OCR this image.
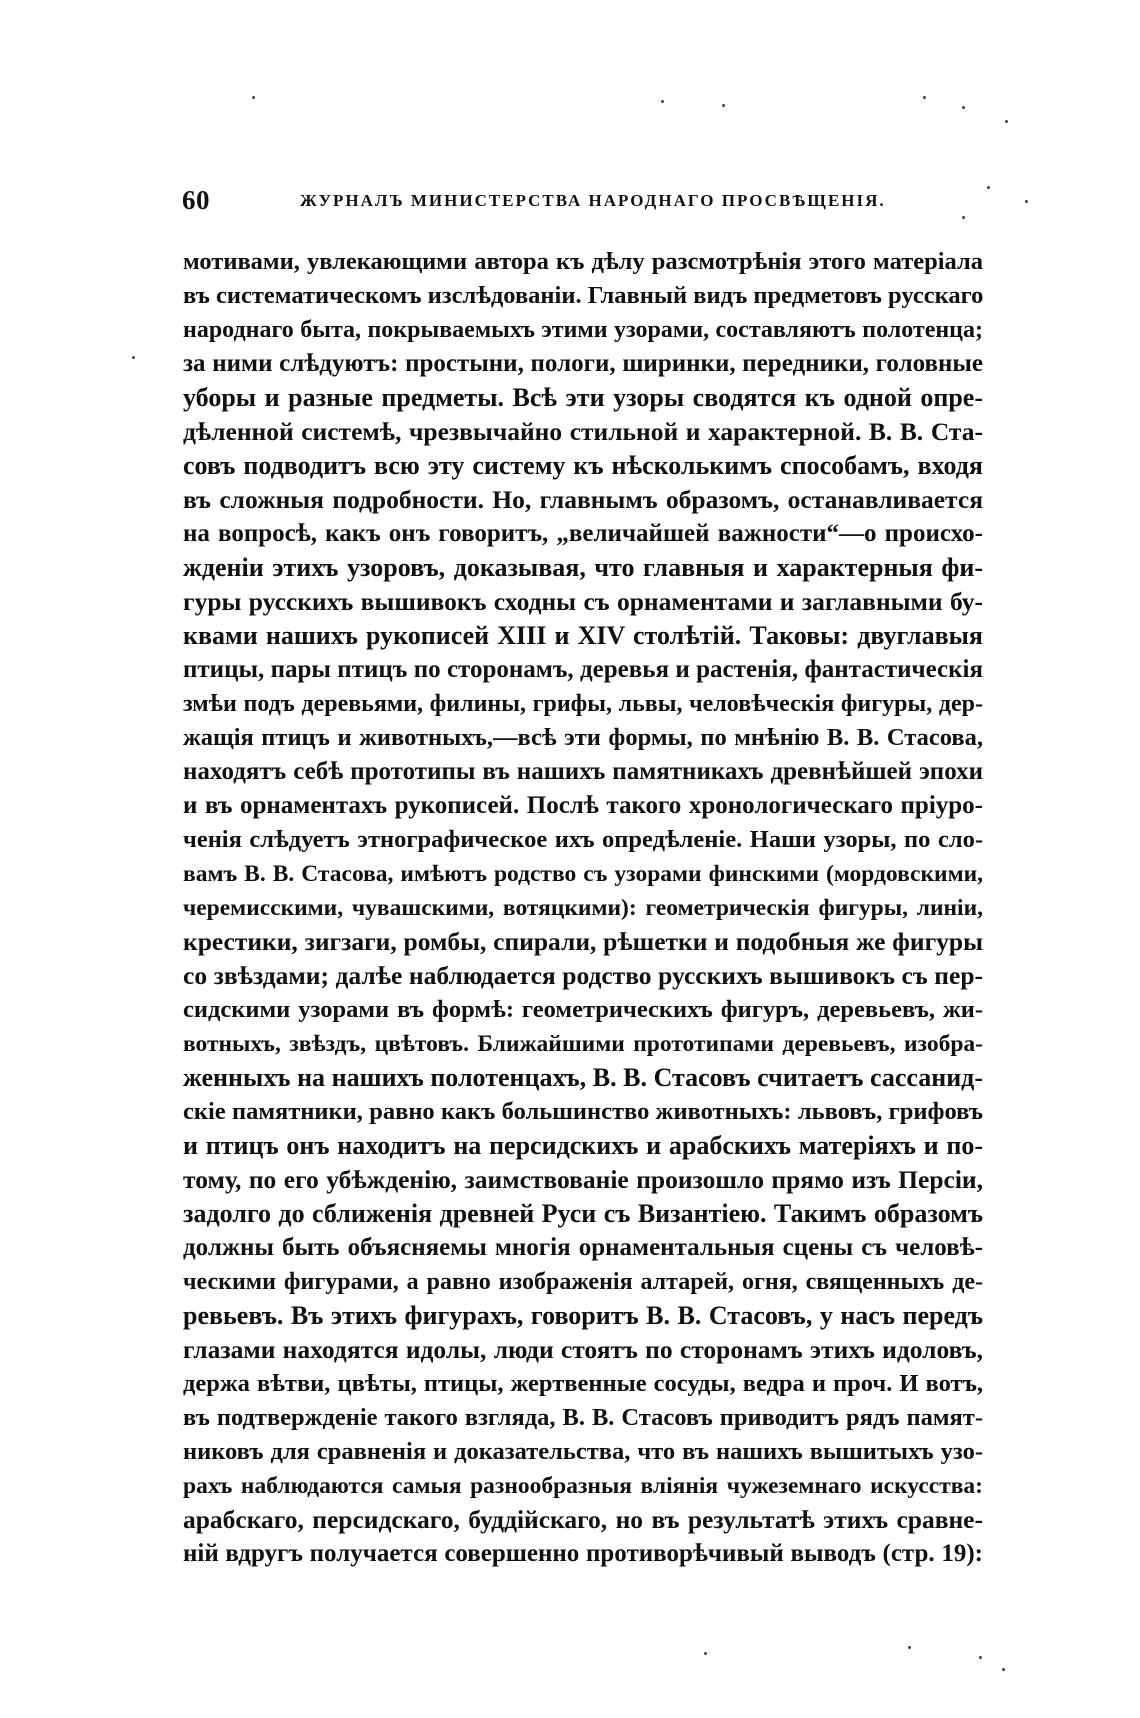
60	ЖУРНАЛЪ МИНИСТЕРСТВА НАРОДНАГО ПРОСВѢЩЕНІЯ.
мотивами, увлекающими автора къ дѣлу разсмотрѣнія этого матеріала
въ систематическомъ изслѣдованіи. Главный видъ предметовъ русскаго
народнаго быта, покрываемыхъ этими узорами, составляютъ полотенца;
за ними слѣдуютъ: простыни, пологи, ширинки, передники, головные
уборы и разные предметы. Всѣ эти узоры сводятся къ одной опре-
дѣленной системѣ, чрезвычайно стильной и характерной. В. В. Ста-
совъ подводитъ всю эту систему къ нѣсколькимъ способамъ, входя
въ сложныя подробности. Но, главнымъ образомъ, останавливается
на вопросѣ, какъ онъ говоритъ, „величайшей важности“—о происхо-
жденіи этихъ узоровъ, доказывая, что главныя и характерныя фи-
гуры русскихъ вышивокъ сходны съ орнаментами и заглавными бу-
квами нашихъ рукописей XIII и XIV столѣтій. Таковы: двуглавыя
птицы, пары птицъ по сторонамъ, деревья и растенія, фантастическія
змѣи подъ деревьями, филины, грифы, львы, человѣческія фигуры, дер-
жащія птицъ и животныхъ,—всѣ эти формы, по мнѣнію В. В. Стасова,
находятъ себѣ прототипы въ нашихъ памятникахъ древнѣйшей эпохи
и въ орнаментахъ рукописей. Послѣ такого хронологическаго пріуро-
ченія слѣдуетъ этнографическое ихъ опредѣленіе. Наши узоры, по сло-
вамъ В. В. Стасова, имѣютъ родство съ узорами финскими (мордовскими,
черемисскими, чувашскими, вотяцкими): геометрическія фигуры, линіи,
крестики, зигзаги, ромбы, спирали, рѣшетки и подобныя же фигуры
со звѣздами; далѣе наблюдается родство русскихъ вышивокъ съ пер-
сидскими узорами въ формѣ: геометрическихъ фигуръ, деревьевъ, жи-
вотныхъ, звѣздъ, цвѣтовъ. Ближайшими прототипами деревьевъ, изобра-
женныхъ на нашихъ полотенцахъ, В. В. Стасовъ считаетъ сассанид-
скіе памятники, равно какъ большинство животныхъ: львовъ, грифовъ
и птицъ онъ находитъ на персидскихъ и арабскихъ матеріяхъ и по-
тому, по его убѣжденію, заимствованіе произошло прямо изъ Персіи,
задолго до сближенія древней Руси съ Византіею. Такимъ образомъ
должны быть объясняемы многія орнаментальныя сцены съ человѣ-
ческими фигурами, а равно изображенія алтарей, огня, священныхъ де-
ревьевъ. Въ этихъ фигурахъ, говоритъ В. В. Стасовъ, у насъ передъ
глазами находятся идолы, люди стоятъ по сторонамъ этихъ идоловъ,
держа вѣтви, цвѣты, птицы, жертвенные сосуды, ведра и проч. И вотъ,
въ подтвержденіе такого взгляда, В. В. Стасовъ приводитъ рядъ памят-
никовъ для сравненія и доказательства, что въ нашихъ вышитыхъ узо-
рахъ наблюдаются самыя разнообразныя вліянія чужеземнаго искусства:
арабскаго, персидскаго, буддійскаго, но въ результатѣ этихъ сравне-
ній вдругъ получается совершенно противорѣчивый выводъ (стр. 19):
